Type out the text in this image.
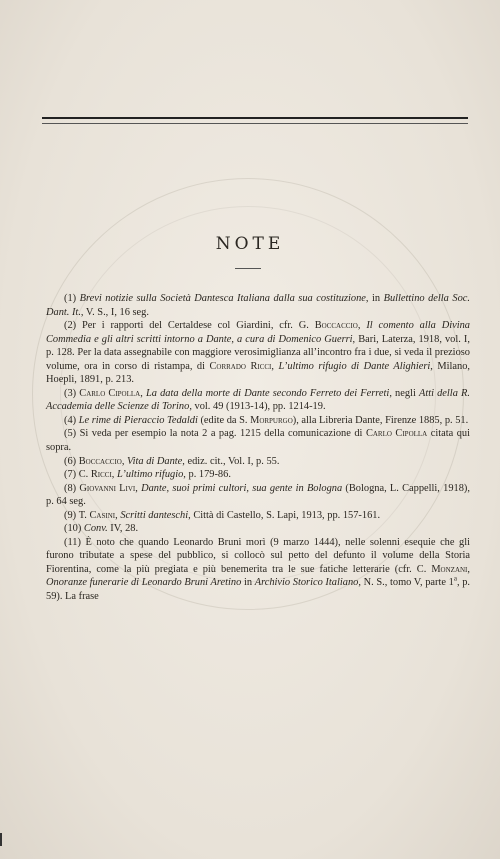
NOTE

(1) Brevi notizie sulla Società Dantesca Italiana dalla sua costituzione, in Bullettino della Soc. Dant. It., V. S., I, 16 seg.

(2) Per i rapporti del Certaldese col Giardini, cfr. G. Boccaccio, Il comento alla Divina Commedia e gli altri scritti intorno a Dante, a cura di Domenico Guerri, Bari, Laterza, 1918, vol. I, p. 128. Per la data assegnabile con maggiore verosimiglianza all’incontro fra i due, si veda il prezioso volume, ora in corso di ristampa, di Corrado Ricci, L’ultimo rifugio di Dante Alighieri, Milano, Hoepli, 1891, p. 213.

(3) Carlo Cipolla, La data della morte di Dante secondo Ferreto dei Ferreti, negli Atti della R. Accademia delle Scienze di Torino, vol. 49 (1913-14), pp. 1214-19.

(4) Le rime di Pieraccio Tedaldi (edite da S. Morpurgo), alla Libreria Dante, Firenze 1885, p. 51.

(5) Si veda per esempio la nota 2 a pag. 1215 della comunicazione di Carlo Cipolla citata qui sopra.

(6) Boccaccio, Vita di Dante, ediz. cit., Vol. I, p. 55.

(7) C. Ricci, L’ultimo rifugio, p. 179-86.

(8) Giovanni Livi, Dante, suoi primi cultori, sua gente in Bologna (Bologna, L. Cappelli, 1918), p. 64 seg.

(9) T. Casini, Scritti danteschi, Città di Castello, S. Lapi, 1913, pp. 157-161.

(10) Conv. IV, 28.

(11) È noto che quando Leonardo Bruni morì (9 marzo 1444), nelle solenni esequie che gli furono tributate a spese del pubblico, si collocò sul petto del defunto il volume della Storia Fiorentina, come la più pregiata e più benemerita tra le sue fatiche letterarie (cfr. C. Monzani, Onoranze funerarie di Leonardo Bruni Aretino in Archivio Storico Italiano, N. S., tomo V, parte 1$^a$, p. 59). La frase
